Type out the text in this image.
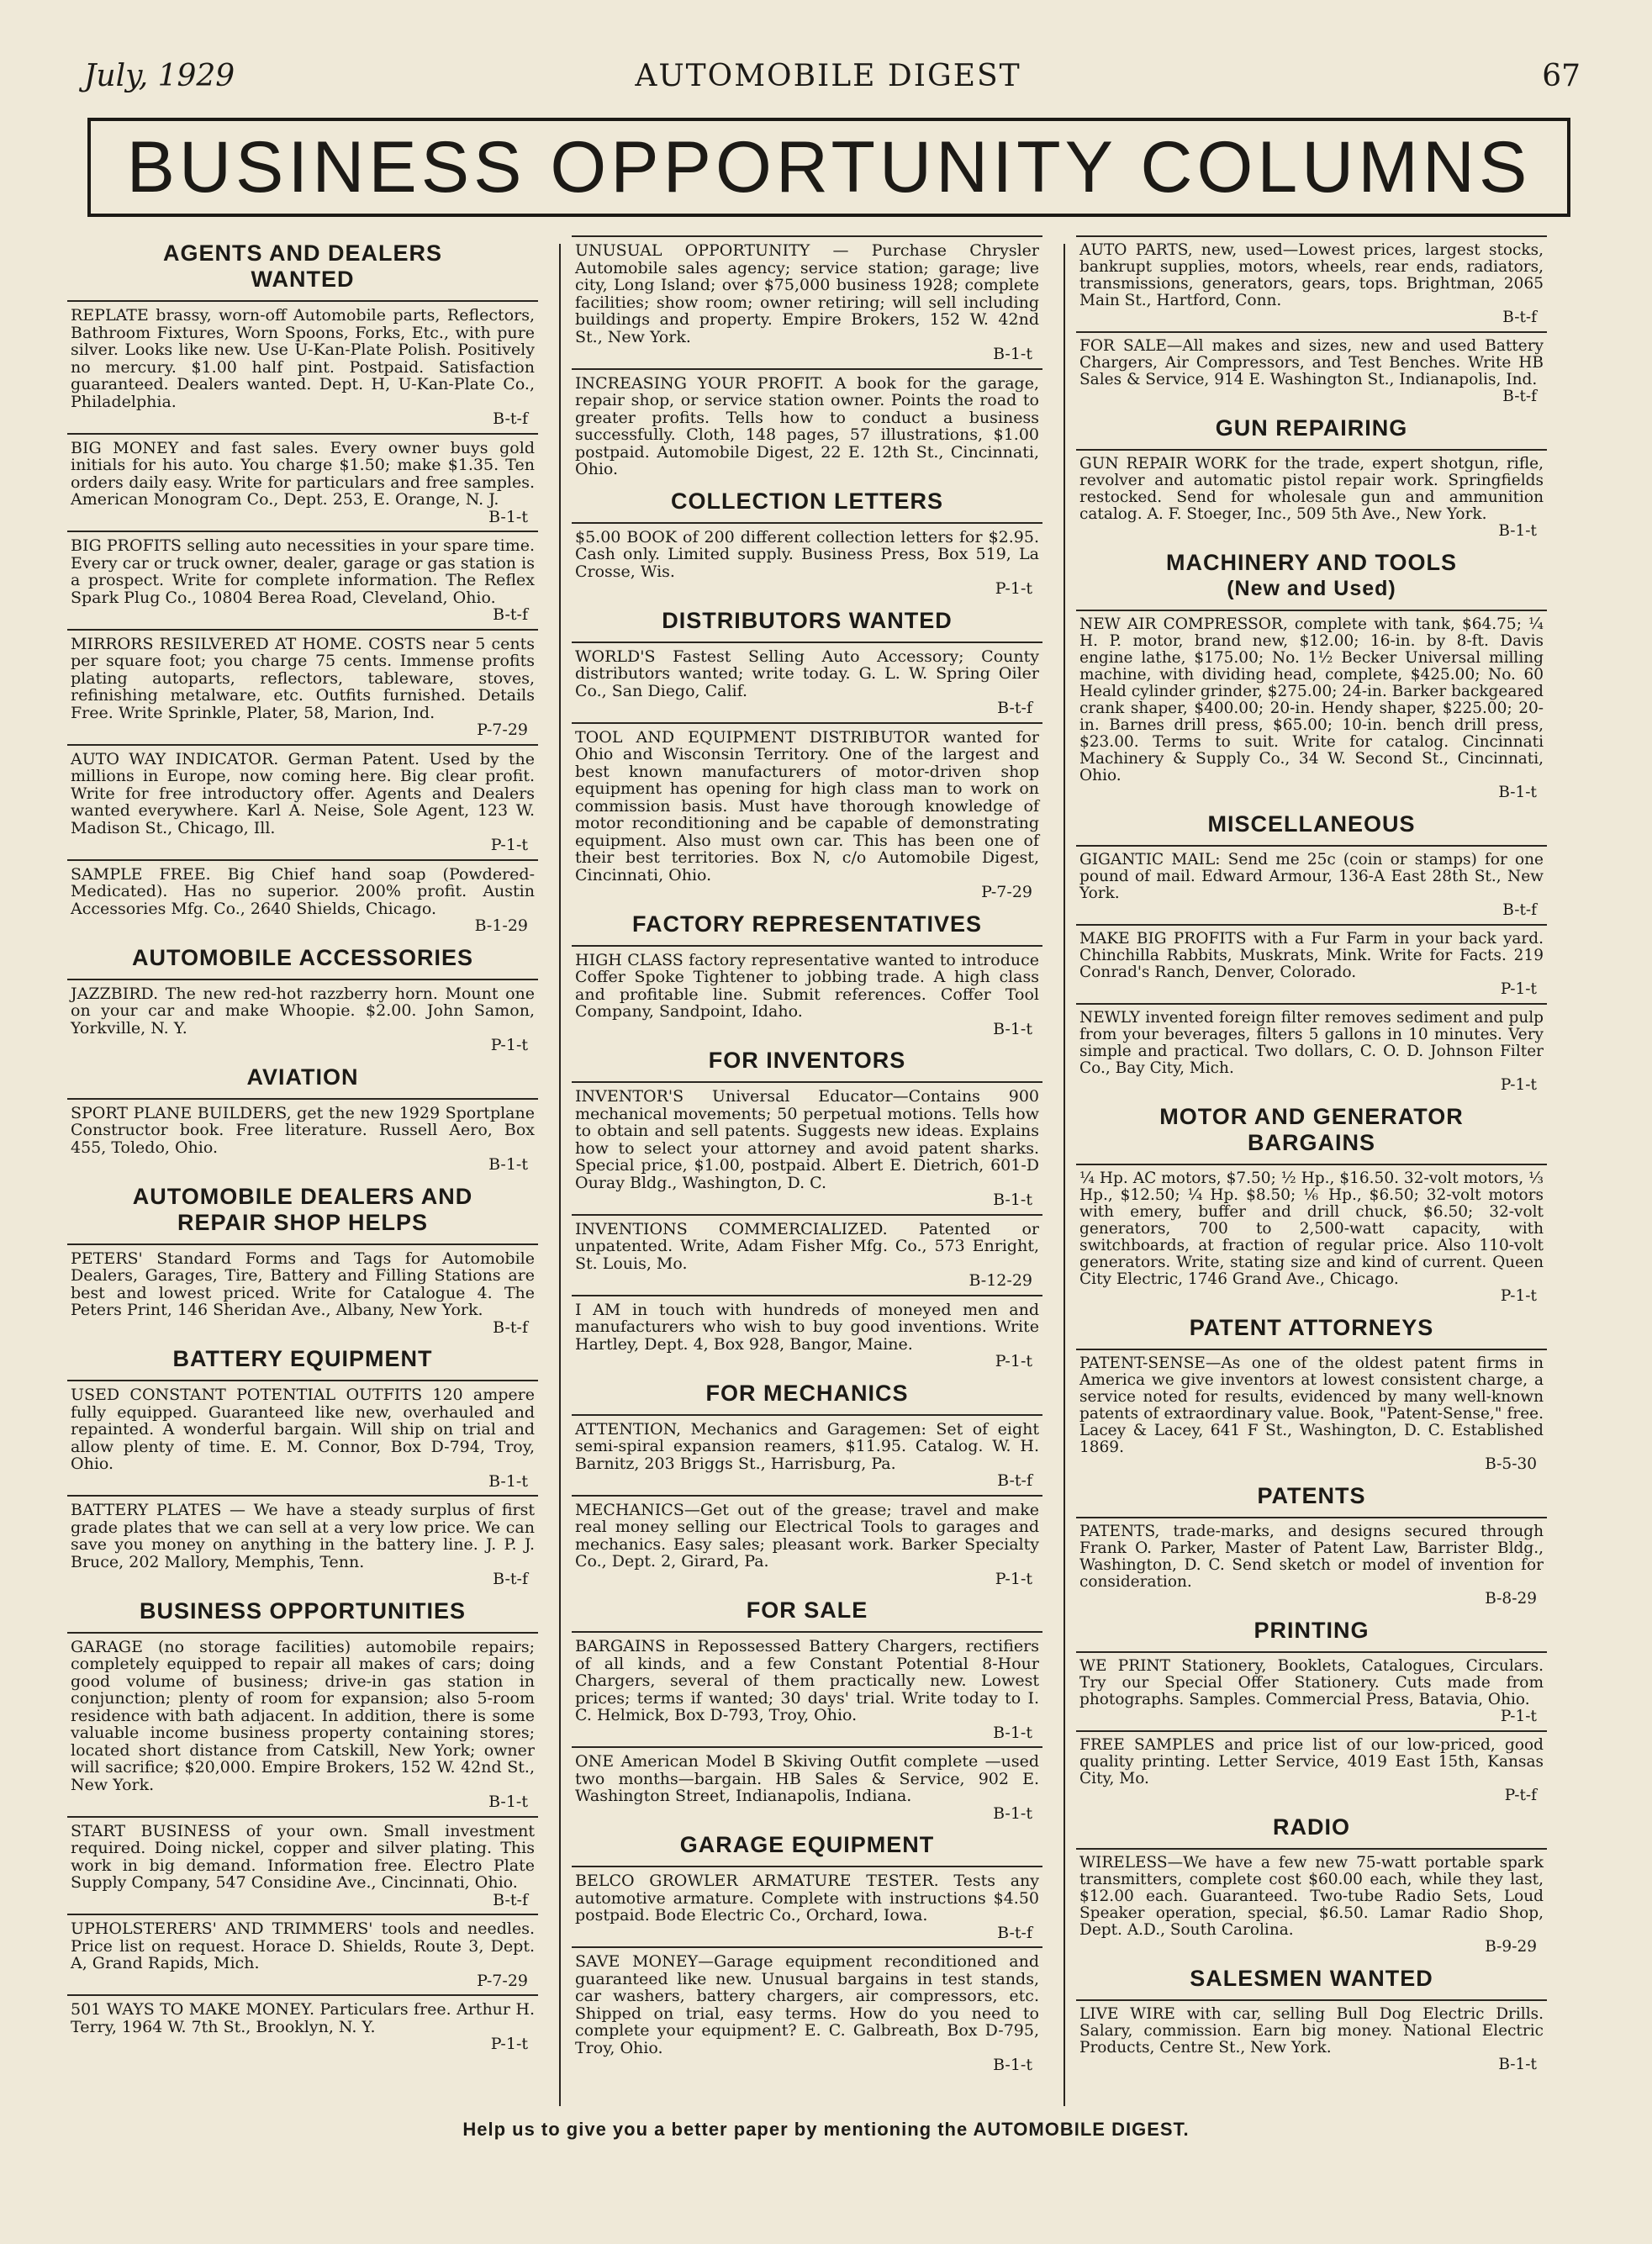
July, 1929	AUTOMOBILE DIGEST	67
BUSINESS OPPORTUNITY COLUMNS
AGENTS AND DEALERS
WANTED
REPLATE brassy, worn-off Automobile parts, Reflectors, Bathroom Fixtures, Worn Spoons, Forks, Etc., with pure silver. Looks like new. Use U-Kan-Plate Polish. Positively no mercury. $1.00 half pint. Postpaid. Satisfaction guaranteed. Dealers wanted. Dept. H, U-Kan-Plate Co., Philadelphia.
B-t-f
BIG MONEY and fast sales. Every owner buys gold initials for his auto. You charge $1.50; make $1.35. Ten orders daily easy. Write for particulars and free samples. American Monogram Co., Dept. 253, E. Orange, N. J.
B-1-t
BIG PROFITS selling auto necessities in your spare time. Every car or truck owner, dealer, garage or gas station is a prospect. Write for complete information. The Reflex Spark Plug Co., 10804 Berea Road, Cleveland, Ohio.
B-t-f
MIRRORS RESILVERED AT HOME. COSTS near 5 cents per square foot; you charge 75 cents. Immense profits plating autoparts, reflectors, tableware, stoves, refinishing metalware, etc. Outfits furnished. Details Free. Write Sprinkle, Plater, 58, Marion, Ind.
P-7-29
AUTO WAY INDICATOR. German Patent. Used by the millions in Europe, now coming here. Big clear profit. Write for free introductory offer. Agents and Dealers wanted everywhere. Karl A. Neise, Sole Agent, 123 W. Madison St., Chicago, Ill.
P-1-t
SAMPLE FREE. Big Chief hand soap (Powdered-Medicated). Has no superior. 200% profit. Austin Accessories Mfg. Co., 2640 Shields, Chicago.
B-1-29
AUTOMOBILE ACCESSORIES
JAZZBIRD. The new red-hot razzberry horn. Mount one on your car and make Whoopie. $2.00. John Samon, Yorkville, N. Y.
P-1-t
AVIATION
SPORT PLANE BUILDERS, get the new 1929 Sportplane Constructor book. Free literature. Russell Aero, Box 455, Toledo, Ohio.
B-1-t
AUTOMOBILE DEALERS AND
REPAIR SHOP HELPS
PETERS' Standard Forms and Tags for Automobile Dealers, Garages, Tire, Battery and Filling Stations are best and lowest priced. Write for Catalogue 4. The Peters Print, 146 Sheridan Ave., Albany, New York.
B-t-f
BATTERY EQUIPMENT
USED CONSTANT POTENTIAL OUTFITS 120 ampere fully equipped. Guaranteed like new, overhauled and repainted. A wonderful bargain. Will ship on trial and allow plenty of time. E. M. Connor, Box D-794, Troy, Ohio.
B-1-t
BATTERY PLATES — We have a steady surplus of first grade plates that we can sell at a very low price. We can save you money on anything in the battery line. J. P. J. Bruce, 202 Mallory, Memphis, Tenn.
B-t-f
BUSINESS OPPORTUNITIES
GARAGE (no storage facilities) automobile repairs; completely equipped to repair all makes of cars; doing good volume of business; drive-in gas station in conjunction; plenty of room for expansion; also 5-room residence with bath adjacent. In addition, there is some valuable income business property containing stores; located short distance from Catskill, New York; owner will sacrifice; $20,000. Empire Brokers, 152 W. 42nd St., New York.
B-1-t
START BUSINESS of your own. Small investment required. Doing nickel, copper and silver plating. This work in big demand. Information free. Electro Plate Supply Company, 547 Considine Ave., Cincinnati, Ohio.
B-t-f
UPHOLSTERERS' AND TRIMMERS' tools and needles. Price list on request. Horace D. Shields, Route 3, Dept. A, Grand Rapids, Mich.
P-7-29
501 WAYS TO MAKE MONEY. Particulars free. Arthur H. Terry, 1964 W. 7th St., Brooklyn, N. Y.
P-1-t
UNUSUAL OPPORTUNITY — Purchase Chrysler Automobile sales agency; service station; garage; live city, Long Island; over $75,000 business 1928; complete facilities; show room; owner retiring; will sell including buildings and property. Empire Brokers, 152 W. 42nd St., New York.
B-1-t
INCREASING YOUR PROFIT. A book for the garage, repair shop, or service station owner. Points the road to greater profits. Tells how to conduct a business successfully. Cloth, 148 pages, 57 illustrations, $1.00 postpaid. Automobile Digest, 22 E. 12th St., Cincinnati, Ohio.
COLLECTION LETTERS
$5.00 BOOK of 200 different collection letters for $2.95. Cash only. Limited supply. Business Press, Box 519, La Crosse, Wis.
P-1-t
DISTRIBUTORS WANTED
WORLD'S Fastest Selling Auto Accessory; County distributors wanted; write today. G. L. W. Spring Oiler Co., San Diego, Calif.
B-t-f
TOOL AND EQUIPMENT DISTRIBUTOR wanted for Ohio and Wisconsin Territory. One of the largest and best known manufacturers of motor-driven shop equipment has opening for high class man to work on commission basis. Must have thorough knowledge of motor reconditioning and be capable of demonstrating equipment. Also must own car. This has been one of their best territories. Box N, c/o Automobile Digest, Cincinnati, Ohio.
P-7-29
FACTORY REPRESENTATIVES
HIGH CLASS factory representative wanted to introduce Coffer Spoke Tightener to jobbing trade. A high class and profitable line. Submit references. Coffer Tool Company, Sandpoint, Idaho.
B-1-t
FOR INVENTORS
INVENTOR'S Universal Educator—Contains 900 mechanical movements; 50 perpetual motions. Tells how to obtain and sell patents. Suggests new ideas. Explains how to select your attorney and avoid patent sharks. Special price, $1.00, postpaid. Albert E. Dietrich, 601-D Ouray Bldg., Washington, D. C.
B-1-t
INVENTIONS COMMERCIALIZED. Patented or unpatented. Write, Adam Fisher Mfg. Co., 573 Enright, St. Louis, Mo.
B-12-29
I AM in touch with hundreds of moneyed men and manufacturers who wish to buy good inventions. Write Hartley, Dept. 4, Box 928, Bangor, Maine.
P-1-t
FOR MECHANICS
ATTENTION, Mechanics and Garagemen: Set of eight semi-spiral expansion reamers, $11.95. Catalog. W. H. Barnitz, 203 Briggs St., Harrisburg, Pa.
B-t-f
MECHANICS—Get out of the grease; travel and make real money selling our Electrical Tools to garages and mechanics. Easy sales; pleasant work. Barker Specialty Co., Dept. 2, Girard, Pa.
P-1-t
FOR SALE
BARGAINS in Repossessed Battery Chargers, rectifiers of all kinds, and a few Constant Potential 8-Hour Chargers, several of them practically new. Lowest prices; terms if wanted; 30 days' trial. Write today to I. C. Helmick, Box D-793, Troy, Ohio.
B-1-t
ONE American Model B Skiving Outfit complete —used two months—bargain. HB Sales & Service, 902 E. Washington Street, Indianapolis, Indiana.
B-1-t
GARAGE EQUIPMENT
BELCO GROWLER ARMATURE TESTER. Tests any automotive armature. Complete with instructions $4.50 postpaid. Bode Electric Co., Orchard, Iowa.
B-t-f
SAVE MONEY—Garage equipment reconditioned and guaranteed like new. Unusual bargains in test stands, car washers, battery chargers, air compressors, etc. Shipped on trial, easy terms. How do you need to complete your equipment? E. C. Galbreath, Box D-795, Troy, Ohio.
B-1-t
AUTO PARTS, new, used—Lowest prices, largest stocks, bankrupt supplies, motors, wheels, rear ends, radiators, transmissions, generators, gears, tops. Brightman, 2065 Main St., Hartford, Conn.
B-t-f
FOR SALE—All makes and sizes, new and used Battery Chargers, Air Compressors, and Test Benches. Write HB Sales & Service, 914 E. Washington St., Indianapolis, Ind.
B-t-f
GUN REPAIRING
GUN REPAIR WORK for the trade, expert shotgun, rifle, revolver and automatic pistol repair work. Springfields restocked. Send for wholesale gun and ammunition catalog. A. F. Stoeger, Inc., 509 5th Ave., New York.
B-1-t
MACHINERY AND TOOLS
(New and Used)
NEW AIR COMPRESSOR, complete with tank, $64.75; ¼ H. P. motor, brand new, $12.00; 16-in. by 8-ft. Davis engine lathe, $175.00; No. 1½ Becker Universal milling machine, with dividing head, complete, $425.00; No. 60 Heald cylinder grinder, $275.00; 24-in. Barker backgeared crank shaper, $400.00; 20-in. Hendy shaper, $225.00; 20-in. Barnes drill press, $65.00; 10-in. bench drill press, $23.00. Terms to suit. Write for catalog. Cincinnati Machinery & Supply Co., 34 W. Second St., Cincinnati, Ohio.
B-1-t
MISCELLANEOUS
GIGANTIC MAIL: Send me 25c (coin or stamps) for one pound of mail. Edward Armour, 136-A East 28th St., New York.
B-t-f
MAKE BIG PROFITS with a Fur Farm in your back yard. Chinchilla Rabbits, Muskrats, Mink. Write for Facts. 219 Conrad's Ranch, Denver, Colorado.
P-1-t
NEWLY invented foreign filter removes sediment and pulp from your beverages, filters 5 gallons in 10 minutes. Very simple and practical. Two dollars, C. O. D. Johnson Filter Co., Bay City, Mich.
P-1-t
MOTOR AND GENERATOR
BARGAINS
¼ Hp. AC motors, $7.50; ½ Hp., $16.50. 32-volt motors, ⅓ Hp., $12.50; ¼ Hp. $8.50; ⅙ Hp., $6.50; 32-volt motors with emery, buffer and drill chuck, $6.50; 32-volt generators, 700 to 2,500-watt capacity, with switchboards, at fraction of regular price. Also 110-volt generators. Write, stating size and kind of current. Queen City Electric, 1746 Grand Ave., Chicago.
P-1-t
PATENT ATTORNEYS
PATENT-SENSE—As one of the oldest patent firms in America we give inventors at lowest consistent charge, a service noted for results, evidenced by many well-known patents of extraordinary value. Book, "Patent-Sense," free. Lacey & Lacey, 641 F St., Washington, D. C. Established 1869.
B-5-30
PATENTS
PATENTS, trade-marks, and designs secured through Frank O. Parker, Master of Patent Law, Barrister Bldg., Washington, D. C. Send sketch or model of invention for consideration.
B-8-29
PRINTING
WE PRINT Stationery, Booklets, Catalogues, Circulars. Try our Special Offer Stationery. Cuts made from photographs. Samples. Commercial Press, Batavia, Ohio.
P-1-t
FREE SAMPLES and price list of our low-priced, good quality printing. Letter Service, 4019 East 15th, Kansas City, Mo.
P-t-f
RADIO
WIRELESS—We have a few new 75-watt portable spark transmitters, complete cost $60.00 each, while they last, $12.00 each. Guaranteed. Two-tube Radio Sets, Loud Speaker operation, special, $6.50. Lamar Radio Shop, Dept. A.D., South Carolina.
B-9-29
SALESMEN WANTED
LIVE WIRE with car, selling Bull Dog Electric Drills. Salary, commission. Earn big money. National Electric Products, Centre St., New York.
B-1-t
Help us to give you a better paper by mentioning the AUTOMOBILE DIGEST.
